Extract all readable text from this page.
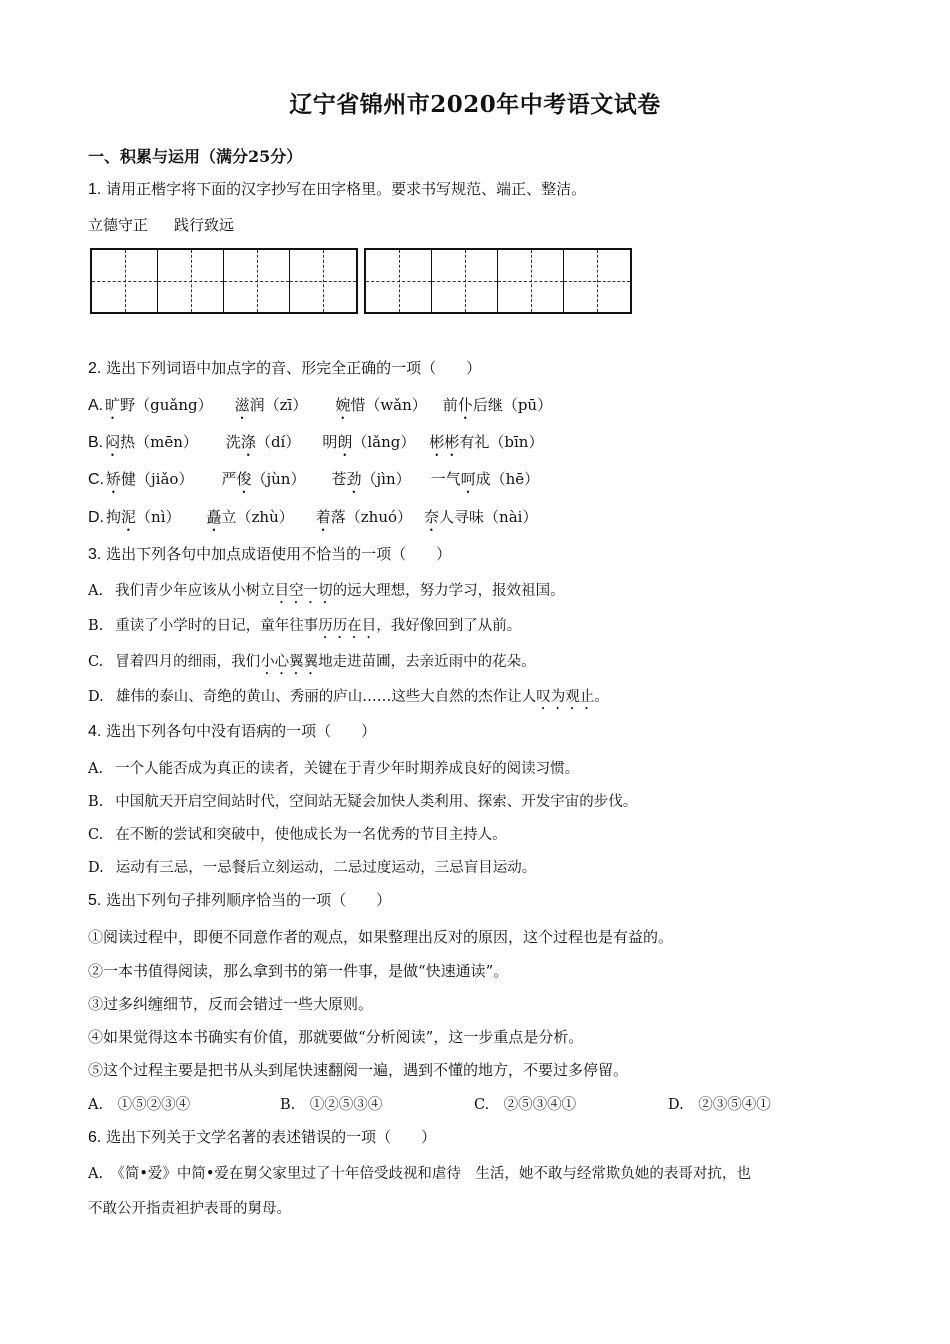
辽宁省锦州市2020年中考语文试卷
一、积累与运用（满分25分）
1. 请用正楷字将下面的汉字抄写在田字格里。要求书写规范、端正、整洁。
立德守正 践行致远
2. 选出下列词语中加点字的音、形完全正确的一项（　　）
A. 旷野（guǎng） 滋润（zī） 婉惜（wǎn） 前仆后继（pū）
B. 闷热（mēn） 洗涤（dí） 明朗（lǎng） 彬彬有礼（bīn）
C. 矫健（jiǎo） 严俊（jùn） 苍劲（jìn） 一气呵成（hē）
D. 拘泥（nì） 矗立（zhù） 着落（zhuó） 奈人寻味（nài）
3. 选出下列各句中加点成语使用不恰当的一项（　　）
A. 我们青少年应该从小树立目空一切的远大理想，努力学习，报效祖国。
B. 重读了小学时的日记，童年往事历历在目，我好像回到了从前。
C. 冒着四月的细雨，我们小心翼翼地走进苗圃，去亲近雨中的花朵。
D. 雄伟的泰山、奇绝的黄山、秀丽的庐山……这些大自然的杰作让人叹为观止。
4. 选出下列各句中没有语病的一项（　　）
A. 一个人能否成为真正的读者，关键在于青少年时期养成良好的阅读习惯。
B. 中国航天开启空间站时代，空间站无疑会加快人类利用、探索、开发宇宙的步伐。
C. 在不断的尝试和突破中，使他成长为一名优秀的节目主持人。
D. 运动有三忌，一忌餐后立刻运动，二忌过度运动，三忌盲目运动。
5. 选出下列句子排列顺序恰当的一项（　　）
①阅读过程中，即便不同意作者的观点，如果整理出反对的原因，这个过程也是有益的。
②一本书值得阅读，那么拿到书的第一件事，是做“快速通读”。
③过多纠缠细节，反而会错过一些大原则。
④如果觉得这本书确实有价值，那就要做“分析阅读”，这一步重点是分析。
⑤这个过程主要是把书从头到尾快速翻阅一遍，遇到不懂的地方，不要过多停留。
A.　①⑤②③④	B.　①②⑤③④	C.　②⑤③④①	D.　②③⑤④①
6. 选出下列关于文学名著的表述错误的一项（　　）
A.　《简•爱》中简•爱在舅父家里过了十年倍受歧视和虐待　生活，她不敢与经常欺负她的表哥对抗，也
不敢公开指责袒护表哥的舅母。
